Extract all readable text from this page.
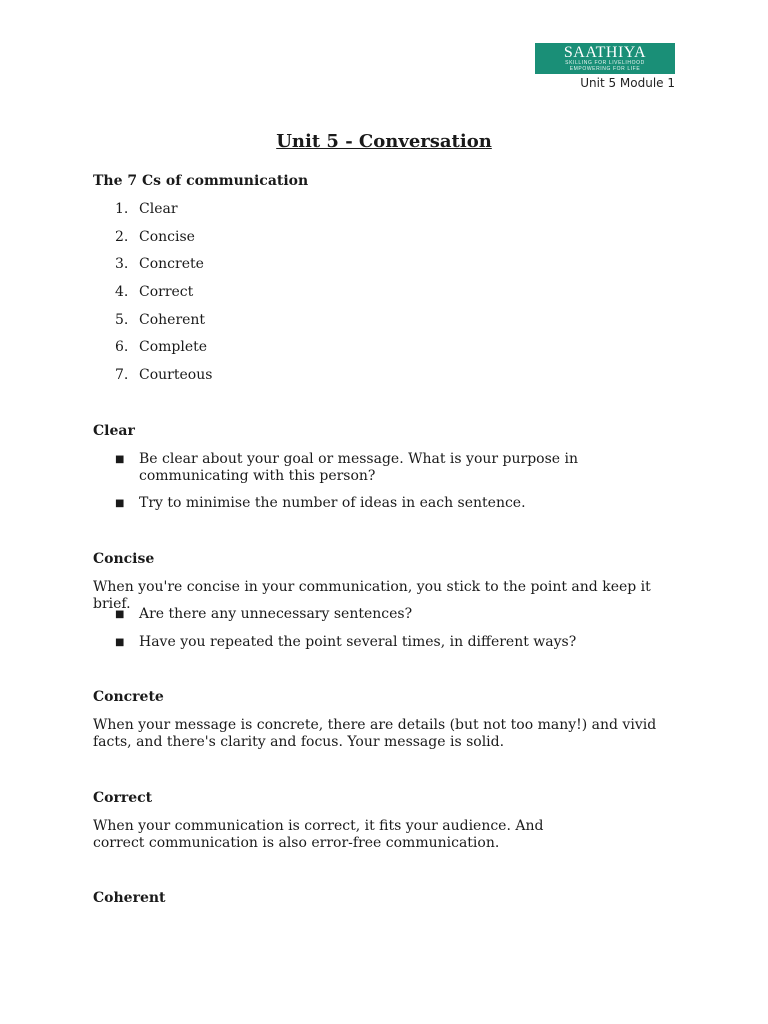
SAATHIYA
SKILLING FOR LIVELIHOOD
EMPOWERING FOR LIFE
Unit 5 Module 1
Unit 5 - Conversation
The 7 Cs of communication
1. Clear
2. Concise
3. Concrete
4. Correct
5. Coherent
6. Complete
7. Courteous
Clear
■ Be clear about your goal or message. What is your purpose in communicating with this person?
■ Try to minimise the number of ideas in each sentence.
Concise
When you're concise in your communication, you stick to the point and keep it brief.
■ Are there any unnecessary sentences?
■ Have you repeated the point several times, in different ways?
Concrete
When your message is concrete, there are details (but not too many!) and vivid facts, and there's clarity and focus. Your message is solid.
Correct
When your communication is correct, it fits your audience. And correct communication is also error-free communication.
Coherent
